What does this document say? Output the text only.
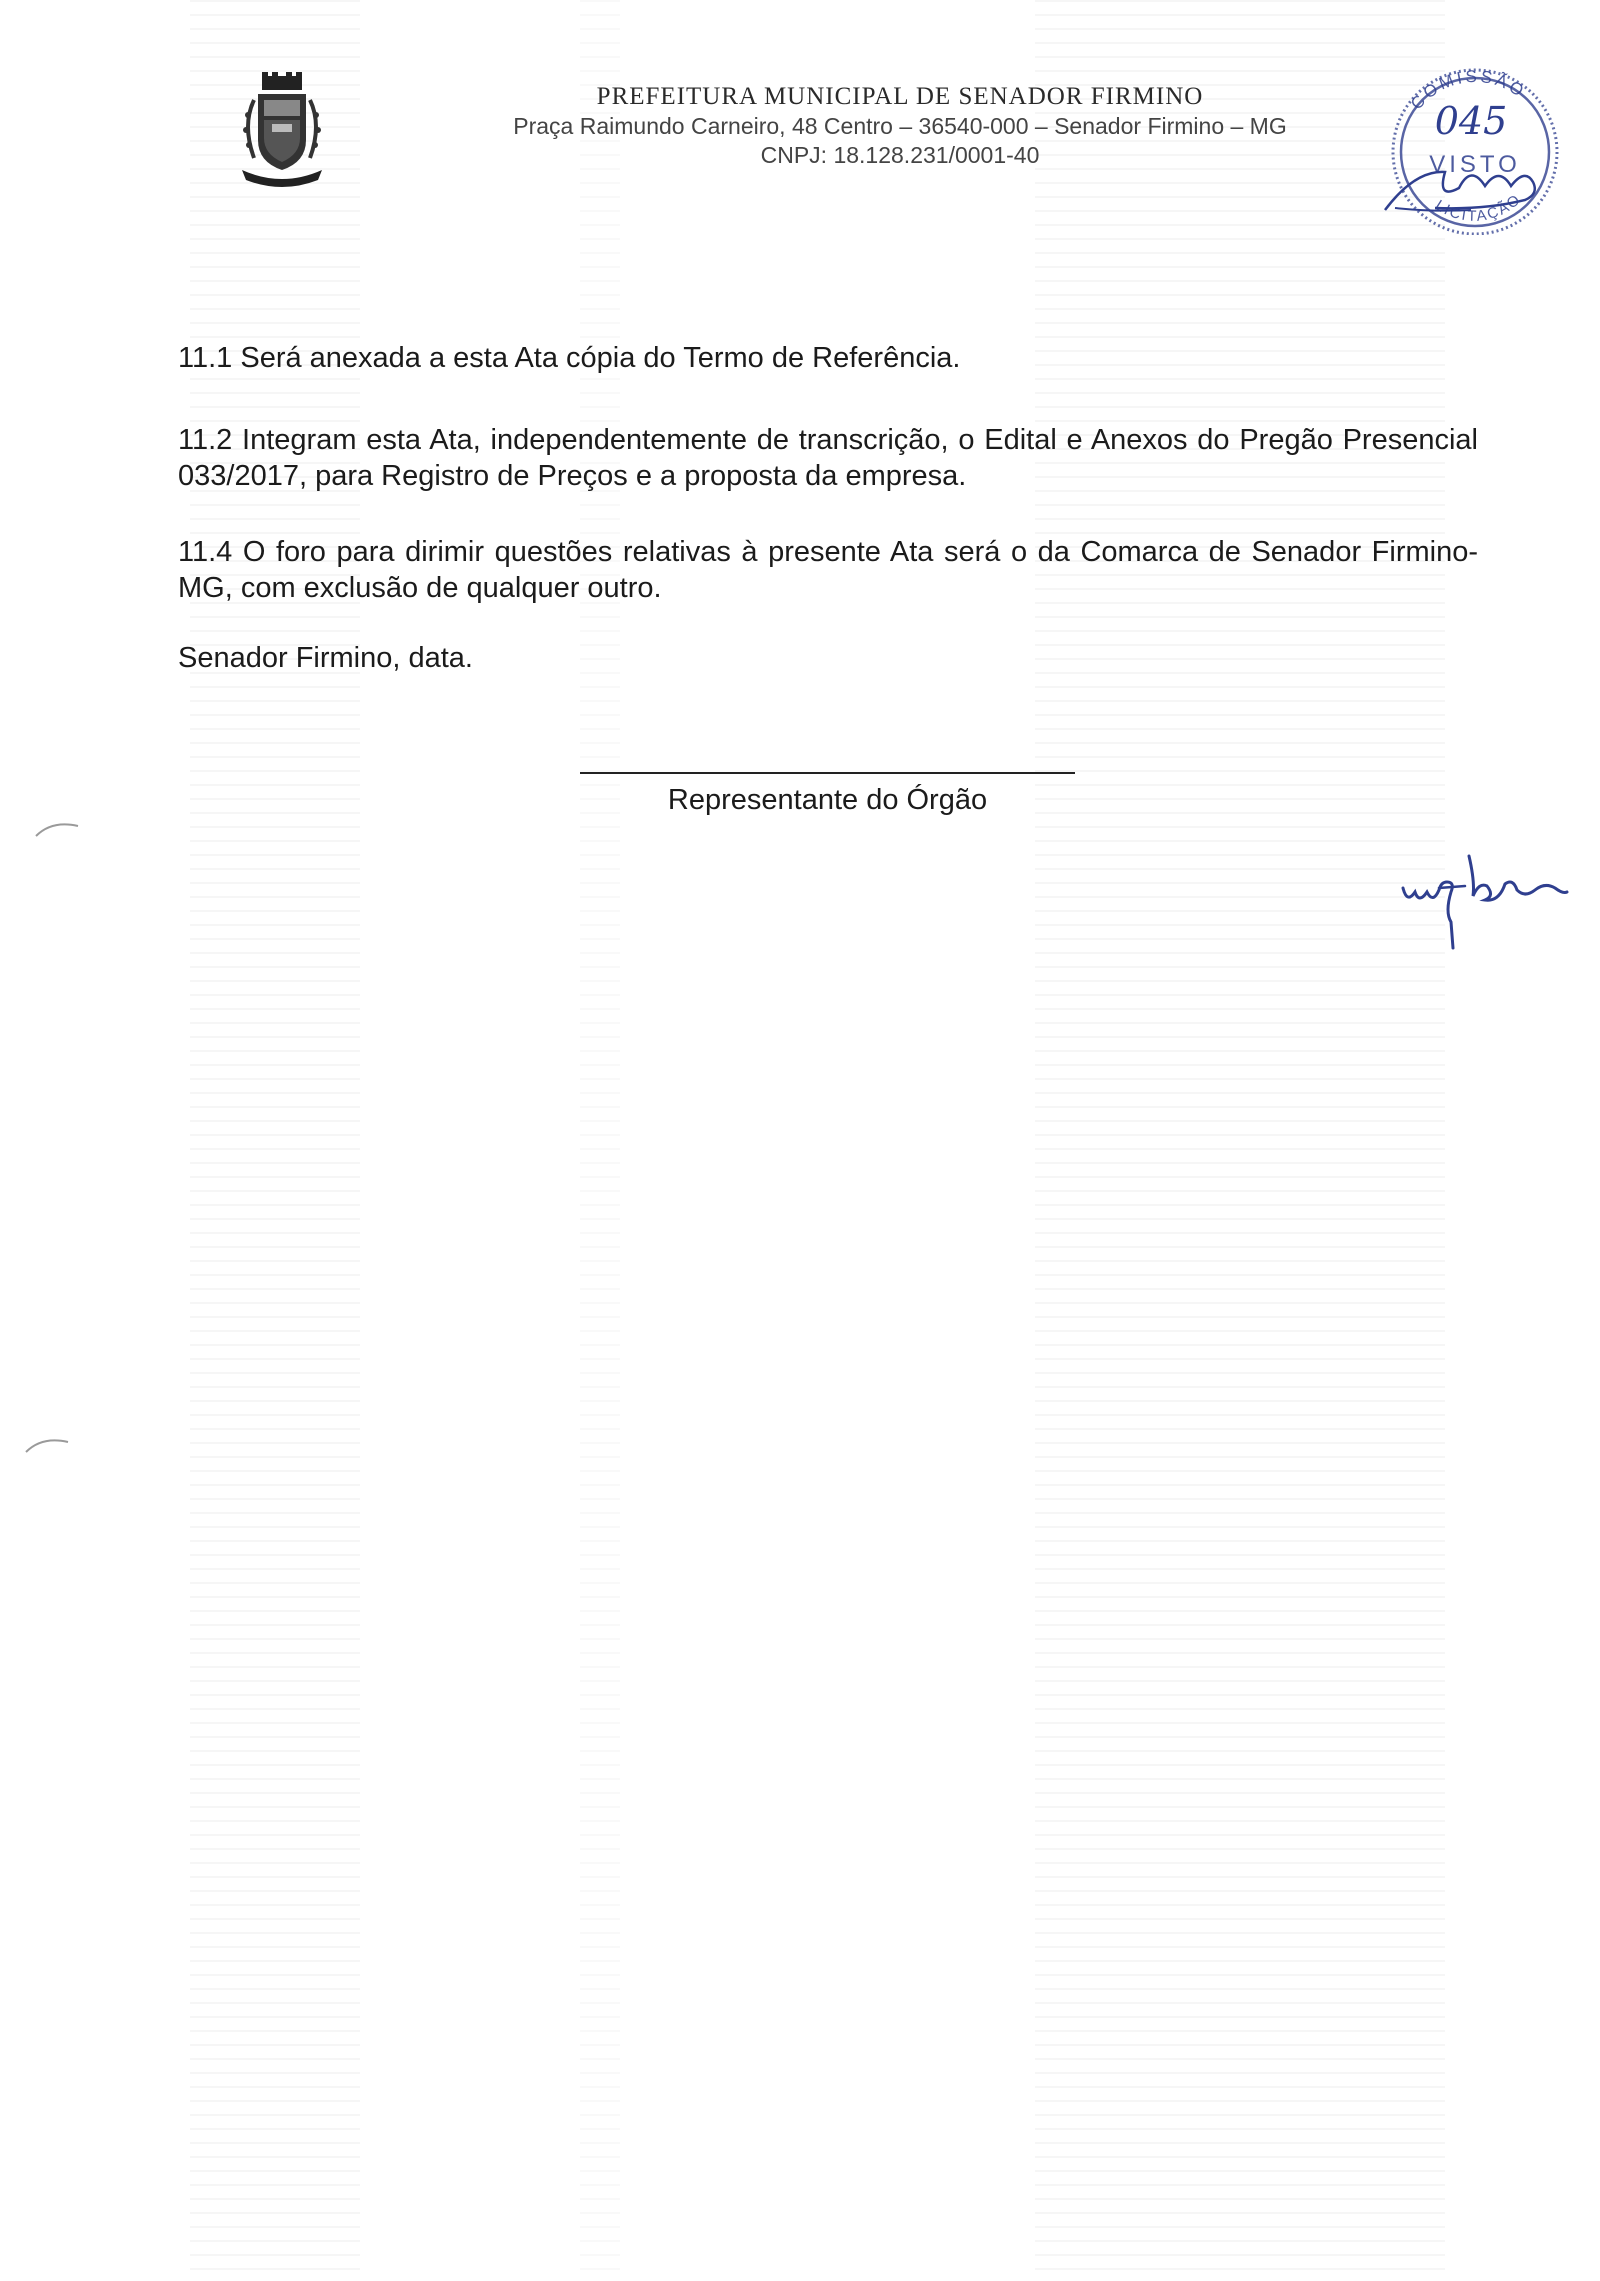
PREFEITURA MUNICIPAL DE SENADOR FIRMINO

Praça Raimundo Carneiro, 48 Centro – 36540-000 – Senador Firmino – MG

CNPJ: 18.128.231/0001-40

COMISSÃO
VISTO
LICITAÇÃO
045

11.1 Será anexada a esta Ata cópia do Termo de Referência.

11.2 Integram esta Ata, independentemente de transcrição, o Edital e Anexos do Pregão Presencial 033/2017, para Registro de Preços e a proposta da empresa.

11.4 O foro para dirimir questões relativas à presente Ata será o da Comarca de Senador Firmino-MG, com exclusão de qualquer outro.

Senador Firmino, data.

Representante do Órgão
